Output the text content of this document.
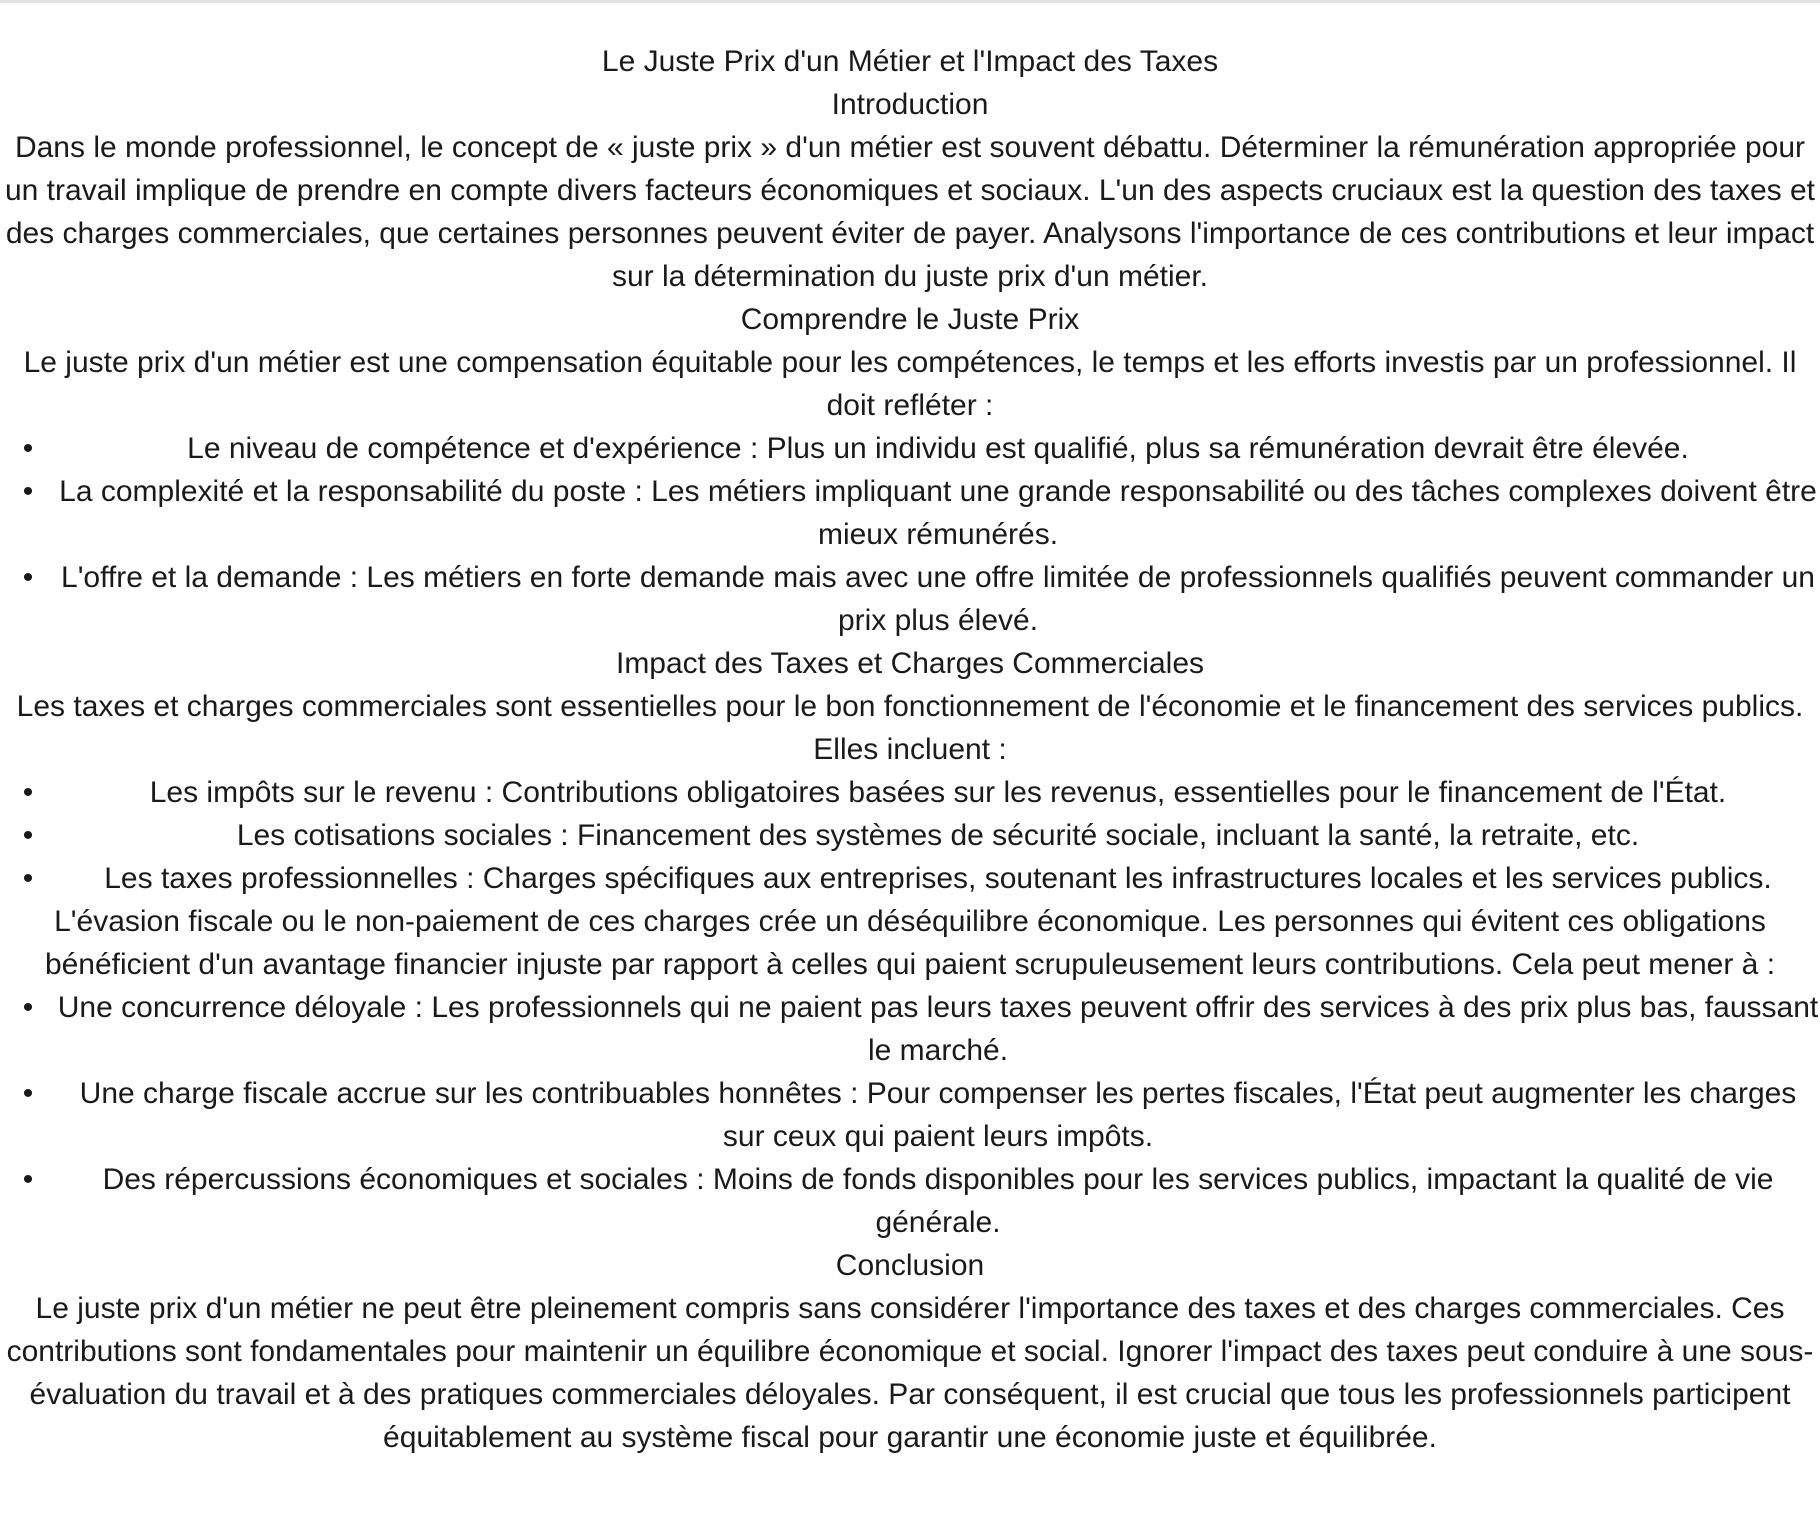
Le Juste Prix d'un Métier et l'Impact des Taxes
Introduction

Dans le monde professionnel, le concept de « juste prix » d'un métier est souvent débattu. Déterminer la rémunération appropriée pour un travail implique de prendre en compte divers facteurs économiques et sociaux. L'un des aspects cruciaux est la question des taxes et des charges commerciales, que certaines personnes peuvent éviter de payer. Analysons l'importance de ces contributions et leur impact sur la détermination du juste prix d'un métier.

Comprendre le Juste Prix

Le juste prix d'un métier est une compensation équitable pour les compétences, le temps et les efforts investis par un professionnel. Il doit refléter :

•	Le niveau de compétence et d'expérience : Plus un individu est qualifié, plus sa rémunération devrait être élevée.
• La complexité et la responsabilité du poste : Les métiers impliquant une grande responsabilité ou des tâches complexes doivent être mieux rémunérés.
• L'offre et la demande : Les métiers en forte demande mais avec une offre limitée de professionnels qualifiés peuvent commander un prix plus élevé.
Impact des Taxes et Charges Commerciales

Les taxes et charges commerciales sont essentielles pour le bon fonctionnement de l'économie et le financement des services publics. Elles incluent :

•	Les impôts sur le revenu : Contributions obligatoires basées sur les revenus, essentielles pour le financement de l'État.
•	Les cotisations sociales : Financement des systèmes de sécurité sociale, incluant la santé, la retraite, etc.
• Les taxes professionnelles : Charges spécifiques aux entreprises, soutenant les infrastructures locales et les services publics.

L'évasion fiscale ou le non-paiement de ces charges crée un déséquilibre économique. Les personnes qui évitent ces obligations bénéficient d'un avantage financier injuste par rapport à celles qui paient scrupuleusement leurs contributions. Cela peut mener à :

• Une concurrence déloyale : Les professionnels qui ne paient pas leurs taxes peuvent offrir des services à des prix plus bas, faussant le marché.
• Une charge fiscale accrue sur les contribuables honnêtes : Pour compenser les pertes fiscales, l'État peut augmenter les charges sur ceux qui paient leurs impôts.
• Des répercussions économiques et sociales : Moins de fonds disponibles pour les services publics, impactant la qualité de vie générale.
Conclusion

Le juste prix d'un métier ne peut être pleinement compris sans considérer l'importance des taxes et des charges commerciales. Ces contributions sont fondamentales pour maintenir un équilibre économique et social. Ignorer l'impact des taxes peut conduire à une sous-évaluation du travail et à des pratiques commerciales déloyales. Par conséquent, il est crucial que tous les professionnels participent équitablement au système fiscal pour garantir une économie juste et équilibrée.
